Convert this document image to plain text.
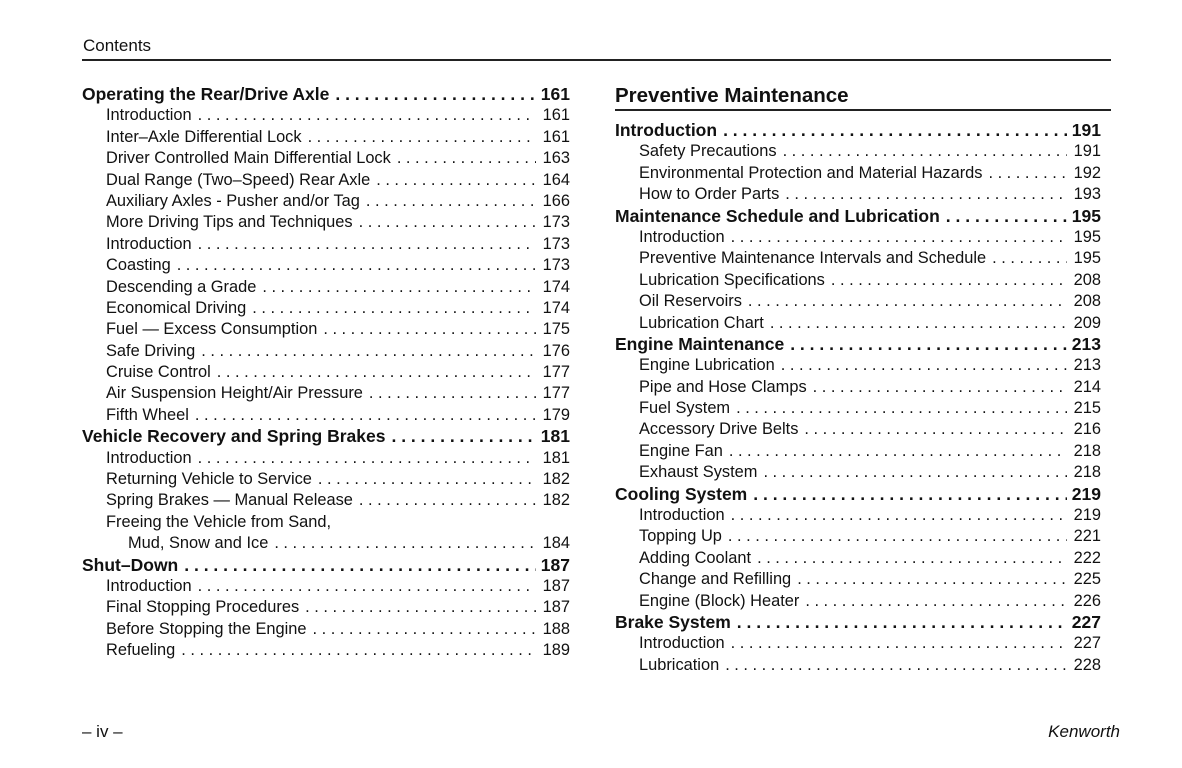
Contents
Operating the Rear/Drive Axle . . .	161
Introduction . . .	161
Inter–Axle Differential Lock . . .	161
Driver Controlled Main Differential Lock . . .	163
Dual Range (Two–Speed) Rear Axle . . .	164
Auxiliary Axles - Pusher and/or Tag . . .	166
More Driving Tips and Techniques . . .	173
Introduction . . .	173
Coasting . . .	173
Descending a Grade . . .	174
Economical Driving . . .	174
Fuel — Excess Consumption . . .	175
Safe Driving . . .	176
Cruise Control . . .	177
Air Suspension Height/Air Pressure . . .	177
Fifth Wheel . . .	179
Vehicle Recovery and Spring Brakes . . .	181
Introduction . . .	181
Returning Vehicle to Service . . .	182
Spring Brakes — Manual Release . . .	182
Freeing the Vehicle from Sand,
Mud, Snow and Ice . . .	184
Shut–Down . . .	187
Introduction . . .	187
Final Stopping Procedures . . .	187
Before Stopping the Engine . . .	188
Refueling . . .	189
Preventive Maintenance
Introduction . . .	191
Safety Precautions . . .	191
Environmental Protection and Material Hazards . . .	192
How to Order Parts . . .	193
Maintenance Schedule and Lubrication . . .	195
Introduction . . .	195
Preventive Maintenance Intervals and Schedule . . .	195
Lubrication Specifications . . .	208
Oil Reservoirs . . .	208
Lubrication Chart . . .	209
Engine Maintenance . . .	213
Engine Lubrication . . .	213
Pipe and Hose Clamps . . .	214
Fuel System . . .	215
Accessory Drive Belts . . .	216
Engine Fan . . .	218
Exhaust System . . .	218
Cooling System . . .	219
Introduction . . .	219
Topping Up . . .	221
Adding Coolant . . .	222
Change and Refilling . . .	225
Engine (Block) Heater . . .	226
Brake System . . .	227
Introduction . . .	227
Lubrication . . .	228
– iv –	Kenworth
